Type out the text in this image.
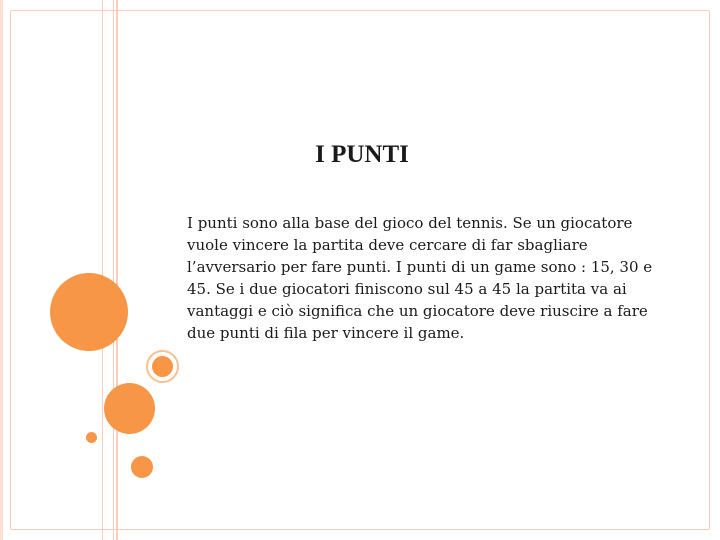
I PUNTI

I punti sono alla base del gioco del tennis. Se un giocatore
vuole vincere la partita deve cercare di far sbagliare
l’avversario per fare punti. I punti di un game sono : 15, 30 e
45. Se i due giocatori finiscono sul 45 a 45 la partita va ai
vantaggi e ciò significa che un giocatore deve riuscire a fare
due punti di fila per vincere il game.
